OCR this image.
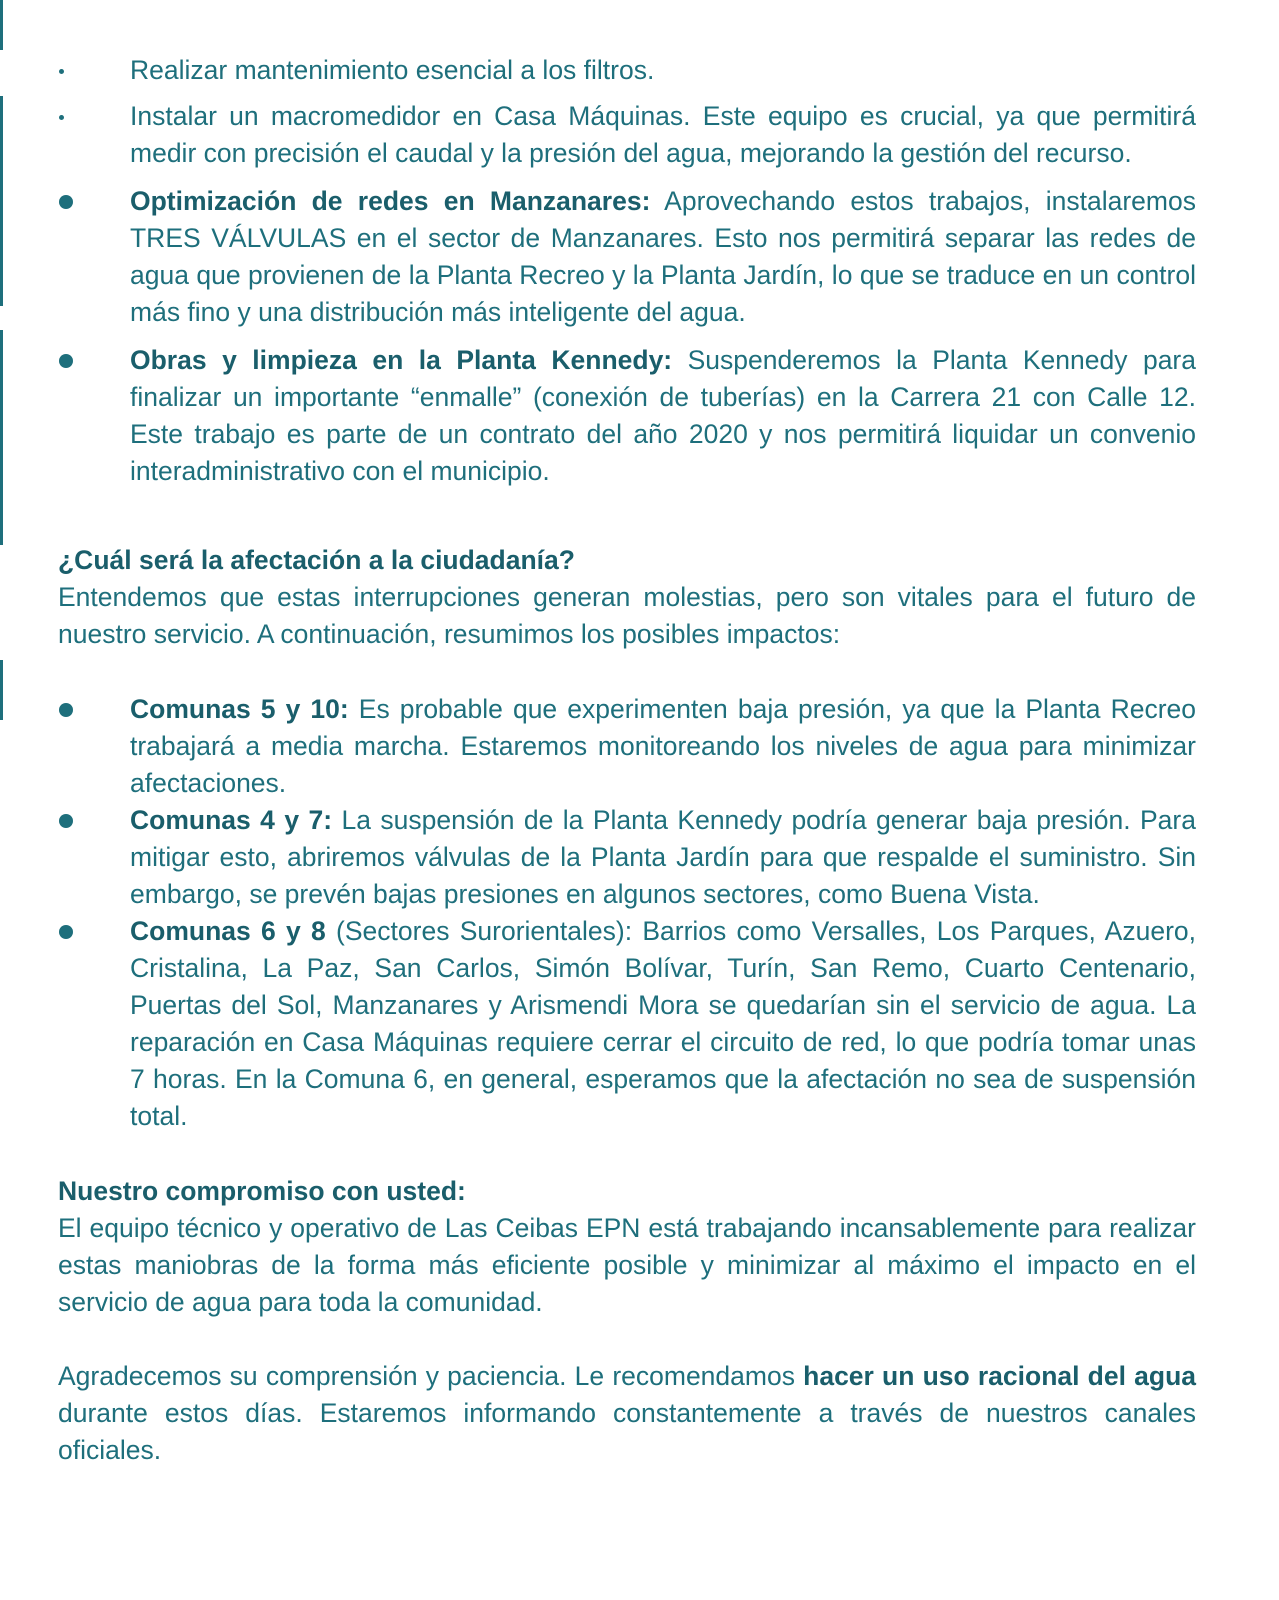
Realizar mantenimiento esencial a los filtros.
Instalar un macromedidor en Casa Máquinas. Este equipo es crucial, ya que permitirá medir con precisión el caudal y la presión del agua, mejorando la gestión del recurso.
Optimización de redes en Manzanares: Aprovechando estos trabajos, instalaremos TRES VÁLVULAS en el sector de Manzanares. Esto nos permitirá separar las redes de agua que provienen de la Planta Recreo y la Planta Jardín, lo que se traduce en un control más fino y una distribución más inteligente del agua.
Obras y limpieza en la Planta Kennedy: Suspenderemos la Planta Kennedy para finalizar un importante “enmalle” (conexión de tuberías) en la Carrera 21 con Calle 12. Este trabajo es parte de un contrato del año 2020 y nos permitirá liquidar un convenio interadministrativo con el municipio.
¿Cuál será la afectación a la ciudadanía?

Entendemos que estas interrupciones generan molestias, pero son vitales para el futuro de nuestro servicio. A continuación, resumimos los posibles impactos:

Comunas 5 y 10: Es probable que experimenten baja presión, ya que la Planta Recreo trabajará a media marcha. Estaremos monitoreando los niveles de agua para minimizar afectaciones.
Comunas 4 y 7: La suspensión de la Planta Kennedy podría generar baja presión. Para mitigar esto, abriremos válvulas de la Planta Jardín para que respalde el suministro. Sin embargo, se prevén bajas presiones en algunos sectores, como Buena Vista.
Comunas 6 y 8 (Sectores Surorientales): Barrios como Versalles, Los Parques, Azuero, Cristalina, La Paz, San Carlos, Simón Bolívar, Turín, San Remo, Cuarto Centenario, Puertas del Sol, Manzanares y Arismendi Mora se quedarían sin el servicio de agua. La reparación en Casa Máquinas requiere cerrar el circuito de red, lo que podría tomar unas 7 horas. En la Comuna 6, en general, esperamos que la afectación no sea de suspensión total.
Nuestro compromiso con usted:

El equipo técnico y operativo de Las Ceibas EPN está trabajando incansablemente para realizar estas maniobras de la forma más eficiente posible y minimizar al máximo el impacto en el servicio de agua para toda la comunidad.

Agradecemos su comprensión y paciencia. Le recomendamos hacer un uso racional del agua durante estos días. Estaremos informando constantemente a través de nuestros canales oficiales.
